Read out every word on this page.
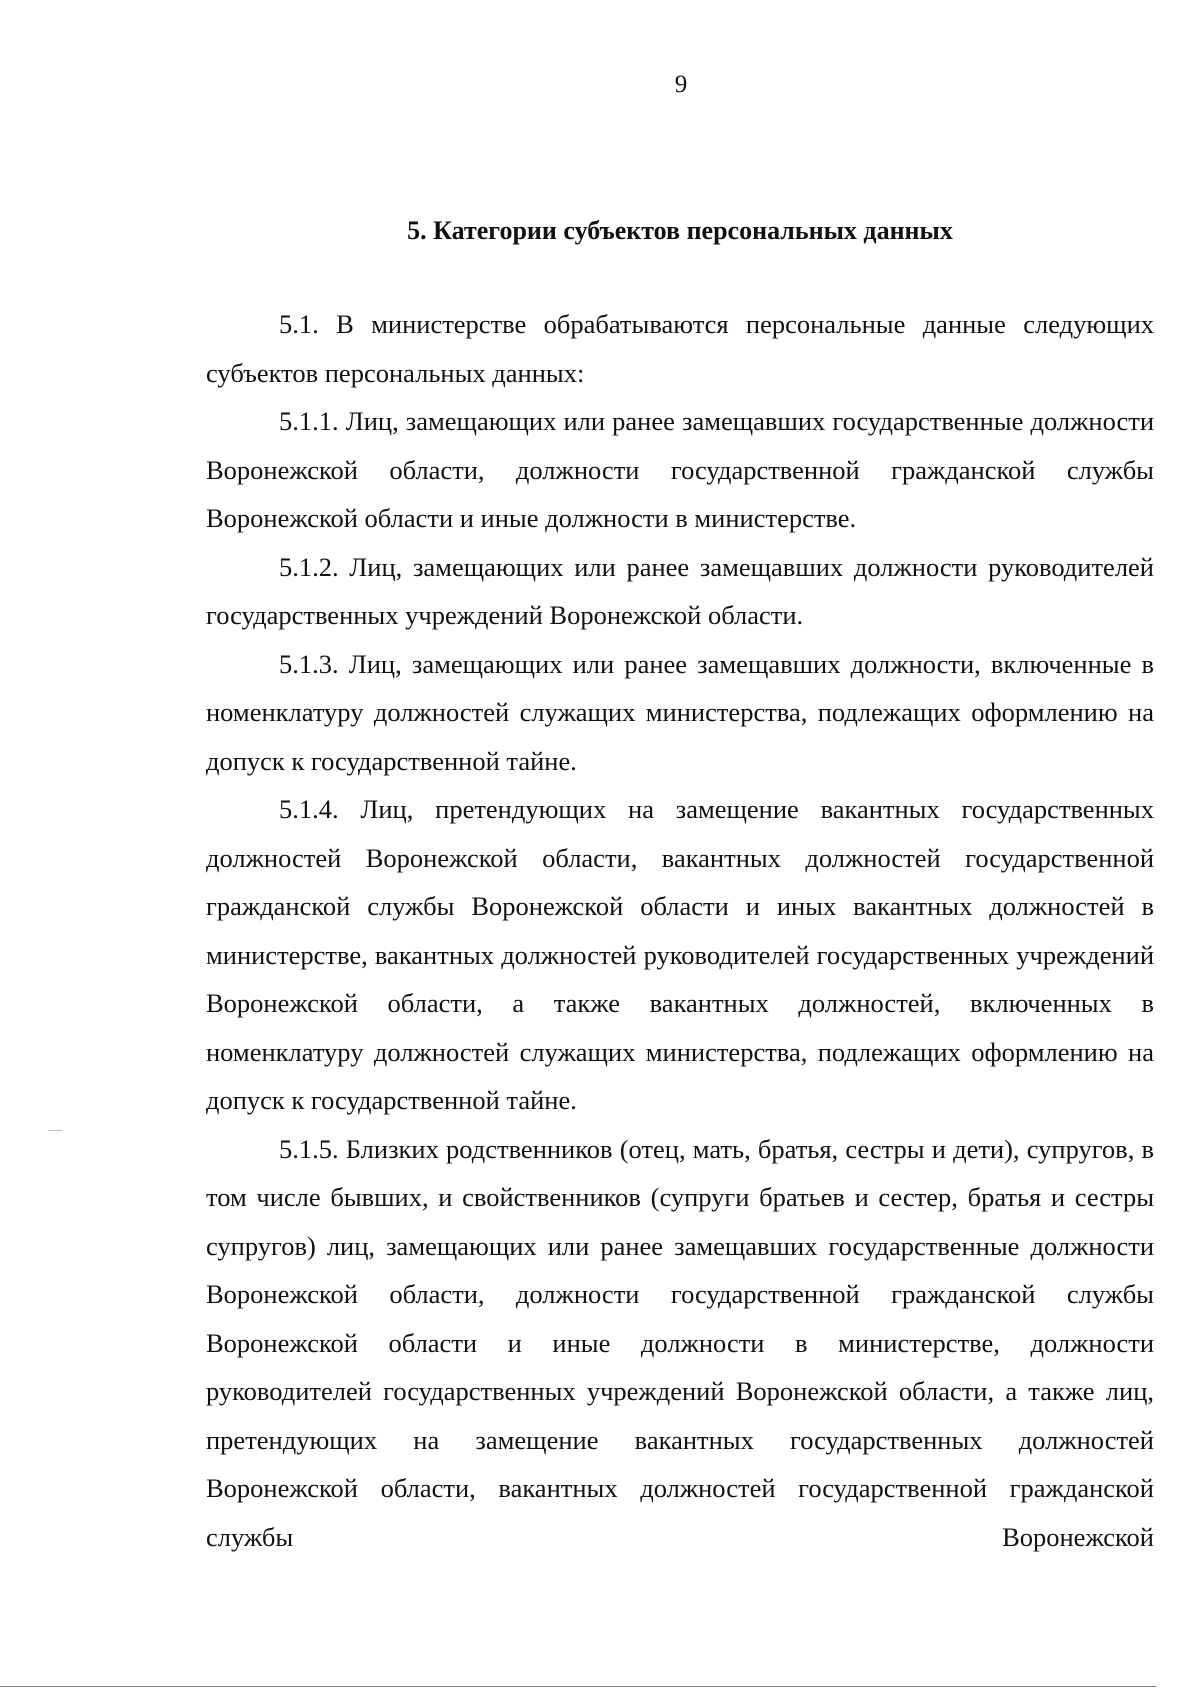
9
5. Категории субъектов персональных данных

5.1. В министерстве обрабатываются персональные данные следующих субъектов персональных данных:

5.1.1. Лиц, замещающих или ранее замещавших государственные должности Воронежской области, должности государственной гражданской службы Воронежской области и иные должности в министерстве.

5.1.2. Лиц, замещающих или ранее замещавших должности руководителей государственных учреждений Воронежской области.

5.1.3. Лиц, замещающих или ранее замещавших должности, включенные в номенклатуру должностей служащих министерства, подлежащих оформлению на допуск к государственной тайне.

5.1.4. Лиц, претендующих на замещение вакантных государственных должностей Воронежской области, вакантных должностей государственной гражданской службы Воронежской области и иных вакантных должностей в министерстве, вакантных должностей руководителей государственных учреждений Воронежской области, а также вакантных должностей, включенных в номенклатуру должностей служащих министерства, подлежащих оформлению на допуск к государственной тайне.

5.1.5. Близких родственников (отец, мать, братья, сестры и дети), супругов, в том числе бывших, и свойственников (супруги братьев и сестер, братья и сестры супругов) лиц, замещающих или ранее замещавших государственные должности Воронежской области, должности государственной гражданской службы Воронежской области и иные должности в министерстве, должности руководителей государственных учреждений Воронежской области, а также лиц, претендующих на замещение вакантных государственных должностей Воронежской области, вакантных должностей государственной гражданской службы Воронежской
